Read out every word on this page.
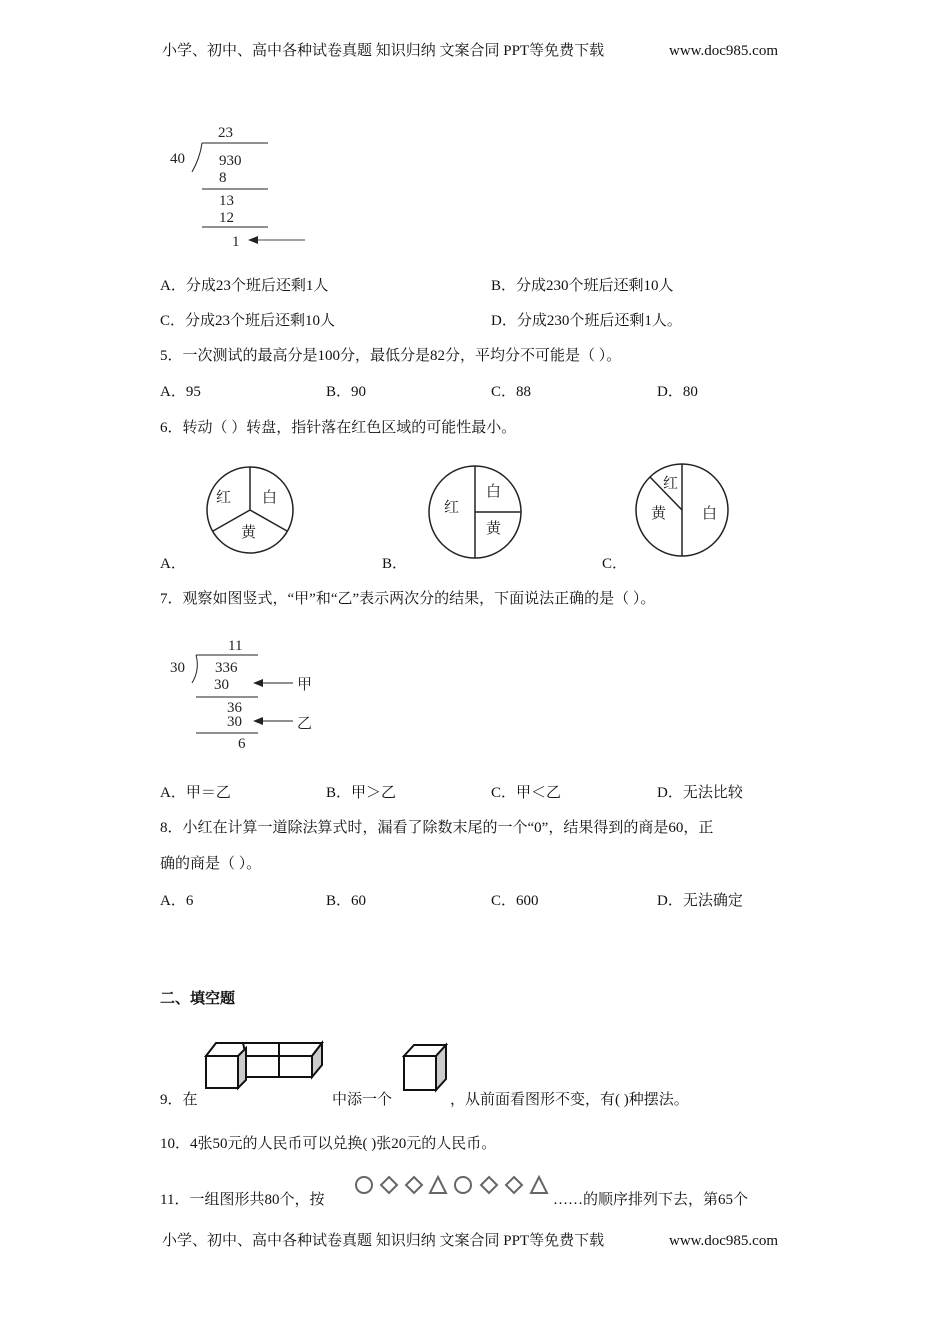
小学、初中、高中各种试卷真题 知识归纳 文案合同 PPT等免费下载	www.doc985.com
23
40 930
8
13
12
1
A．分成23个班后还剩1人	B．分成230个班后还剩10人
C．分成23个班后还剩10人	D．分成230个班后还剩1人。
5．一次测试的最高分是100分，最低分是82分，平均分不可能是（ ）。
A．95	B．90	C．88	D．80
6．转动（ ）转盘，指针落在红色区域的可能性最小。
红 白
黄
红
白
黄
红
黄 白
A．	B．	C．
7．观察如图竖式，“甲”和“乙”表示两次分的结果，下面说法正确的是（ ）。
11
30 336
30	甲
36
30	乙
6
A．甲＝乙	B．甲＞乙	C．甲＜乙	D．无法比较
8．小红在计算一道除法算式时，漏看了除数末尾的一个“0”，结果得到的商是60，正
确的商是（ ）。
A．6	B．60	C．600	D．无法确定
二、填空题
9．在	中添一个	，从前面看图形不变，有( )种摆法。
10．4张50元的人民币可以兑换( )张20元的人民币。
11．一组图形共80个，按	……的顺序排列下去，第65个
小学、初中、高中各种试卷真题 知识归纳 文案合同 PPT等免费下载	www.doc985.com
